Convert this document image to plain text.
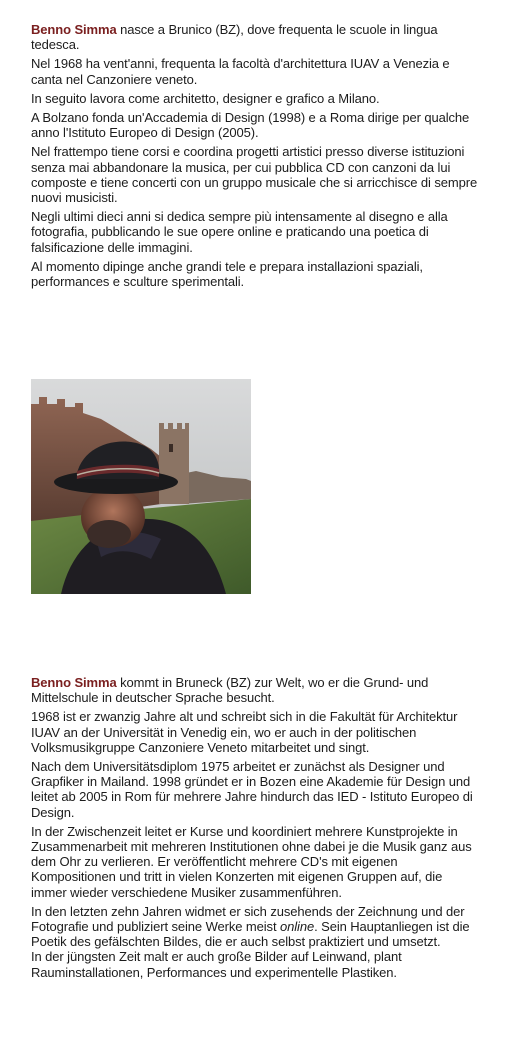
Benno Simma nasce a Brunico (BZ), dove frequenta le scuole in lingua tedesca.

Nel 1968 ha vent'anni, frequenta la facoltà d'architettura IUAV a Venezia e canta nel Canzoniere veneto.

In seguito lavora come architetto, designer e grafico a Milano.

A Bolzano fonda un'Accademia di Design (1998) e a Roma dirige per qualche anno l'Istituto Europeo di Design (2005).

Nel frattempo tiene corsi e coordina progetti artistici presso diverse istituzioni senza mai abbandonare la musica, per cui pubblica CD con canzoni da lui composte e tiene concerti con un gruppo musicale che si arricchisce di sempre nuovi musicisti.

Negli ultimi dieci anni si dedica sempre più intensamente al disegno e alla fotografia, pubblicando le sue opere online e praticando una poetica di falsificazione delle immagini.

Al momento dipinge anche grandi tele e prepara installazioni spaziali, performances e sculture sperimentali.

Benno Simma kommt in Bruneck (BZ) zur Welt, wo er die Grund- und Mittelschule in deutscher Sprache besucht.

1968 ist er zwanzig Jahre alt und schreibt sich in die Fakultät für Architektur IUAV an der Universität in Venedig ein, wo er auch in der politischen Volksmusikgruppe Canzoniere Veneto mitarbeitet und singt.

Nach dem Universitätsdiplom 1975 arbeitet er zunächst als Designer und Grapfiker in Mailand. 1998 gründet er in Bozen eine Akademie für Design und leitet ab 2005 in Rom für mehrere Jahre hindurch das IED - Istituto Europeo di Design.

In der Zwischenzeit leitet er Kurse und koordiniert mehrere Kunstprojekte in Zusammenarbeit mit mehreren Institutionen ohne dabei je die Musik ganz aus dem Ohr zu verlieren. Er veröffentlicht mehrere CD's mit eigenen Kompositionen und tritt in vielen Konzerten mit eigenen Gruppen auf, die immer wieder verschiedene Musiker zusammenführen.

In den letzten zehn Jahren widmet er sich zusehends der Zeichnung und der Fotografie und publiziert seine Werke meist online. Sein Hauptanliegen ist die Poetik des gefälschten Bildes, die er auch selbst praktiziert und umsetzt.

In der jüngsten Zeit malt er auch große Bilder auf Leinwand, plant Rauminstallationen, Performances und experimentelle Plastiken.
